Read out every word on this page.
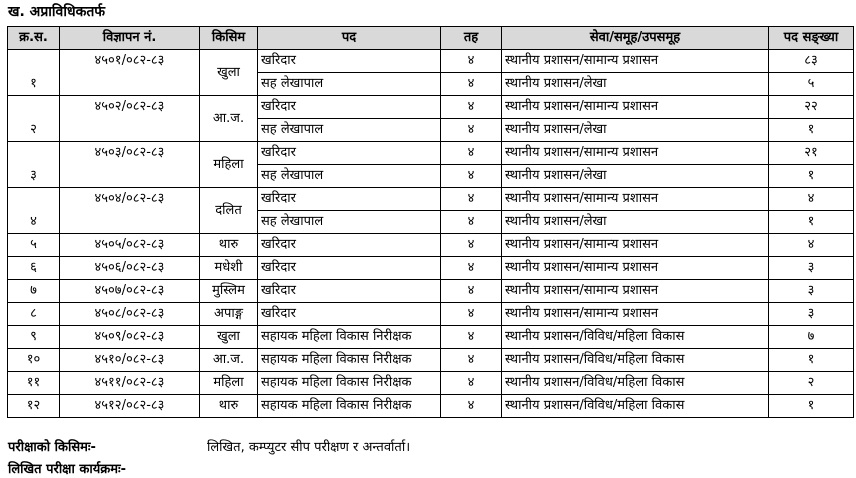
ख. अप्राविधिकतर्फ
क्र.स.	विज्ञापन नं.	किसिम	पद	तह	सेवा/समूह/उपसमूह	पद सङ्ख्या
१	४५०१/०८२-८३	खुला	खरिदार	४	स्थानीय प्रशासन/सामान्य प्रशासन	८३
			सह लेखापाल	४	स्थानीय प्रशासन/लेखा	५
२	४५०२/०८२-८३	आ.ज.	खरिदार	४	स्थानीय प्रशासन/सामान्य प्रशासन	२२
			सह लेखापाल	४	स्थानीय प्रशासन/लेखा	१
३	४५०३/०८२-८३	महिला	खरिदार	४	स्थानीय प्रशासन/सामान्य प्रशासन	२१
			सह लेखापाल	४	स्थानीय प्रशासन/लेखा	१
४	४५०४/०८२-८३	दलित	खरिदार	४	स्थानीय प्रशासन/सामान्य प्रशासन	४
			सह लेखापाल	४	स्थानीय प्रशासन/लेखा	१
५	४५०५/०८२-८३	थारु	खरिदार	४	स्थानीय प्रशासन/सामान्य प्रशासन	४
६	४५०६/०८२-८३	मधेशी	खरिदार	४	स्थानीय प्रशासन/सामान्य प्रशासन	३
७	४५०७/०८२-८३	मुस्लिम	खरिदार	४	स्थानीय प्रशासन/सामान्य प्रशासन	३
८	४५०८/०८२-८३	अपाङ्ग	खरिदार	४	स्थानीय प्रशासन/सामान्य प्रशासन	३
९	४५०९/०८२-८३	खुला	सहायक महिला विकास निरीक्षक	४	स्थानीय प्रशासन/विविध/महिला विकास	७
१०	४५१०/०८२-८३	आ.ज.	सहायक महिला विकास निरीक्षक	४	स्थानीय प्रशासन/विविध/महिला विकास	१
११	४५११/०८२-८३	महिला	सहायक महिला विकास निरीक्षक	४	स्थानीय प्रशासन/विविध/महिला विकास	२
१२	४५१२/०८२-८३	थारु	सहायक महिला विकास निरीक्षक	४	स्थानीय प्रशासन/विविध/महिला विकास	१
परीक्षाको किसिमः-	लिखित, कम्प्युटर सीप परीक्षण र अन्तर्वार्ता।
लिखित परीक्षा कार्यक्रमः-
